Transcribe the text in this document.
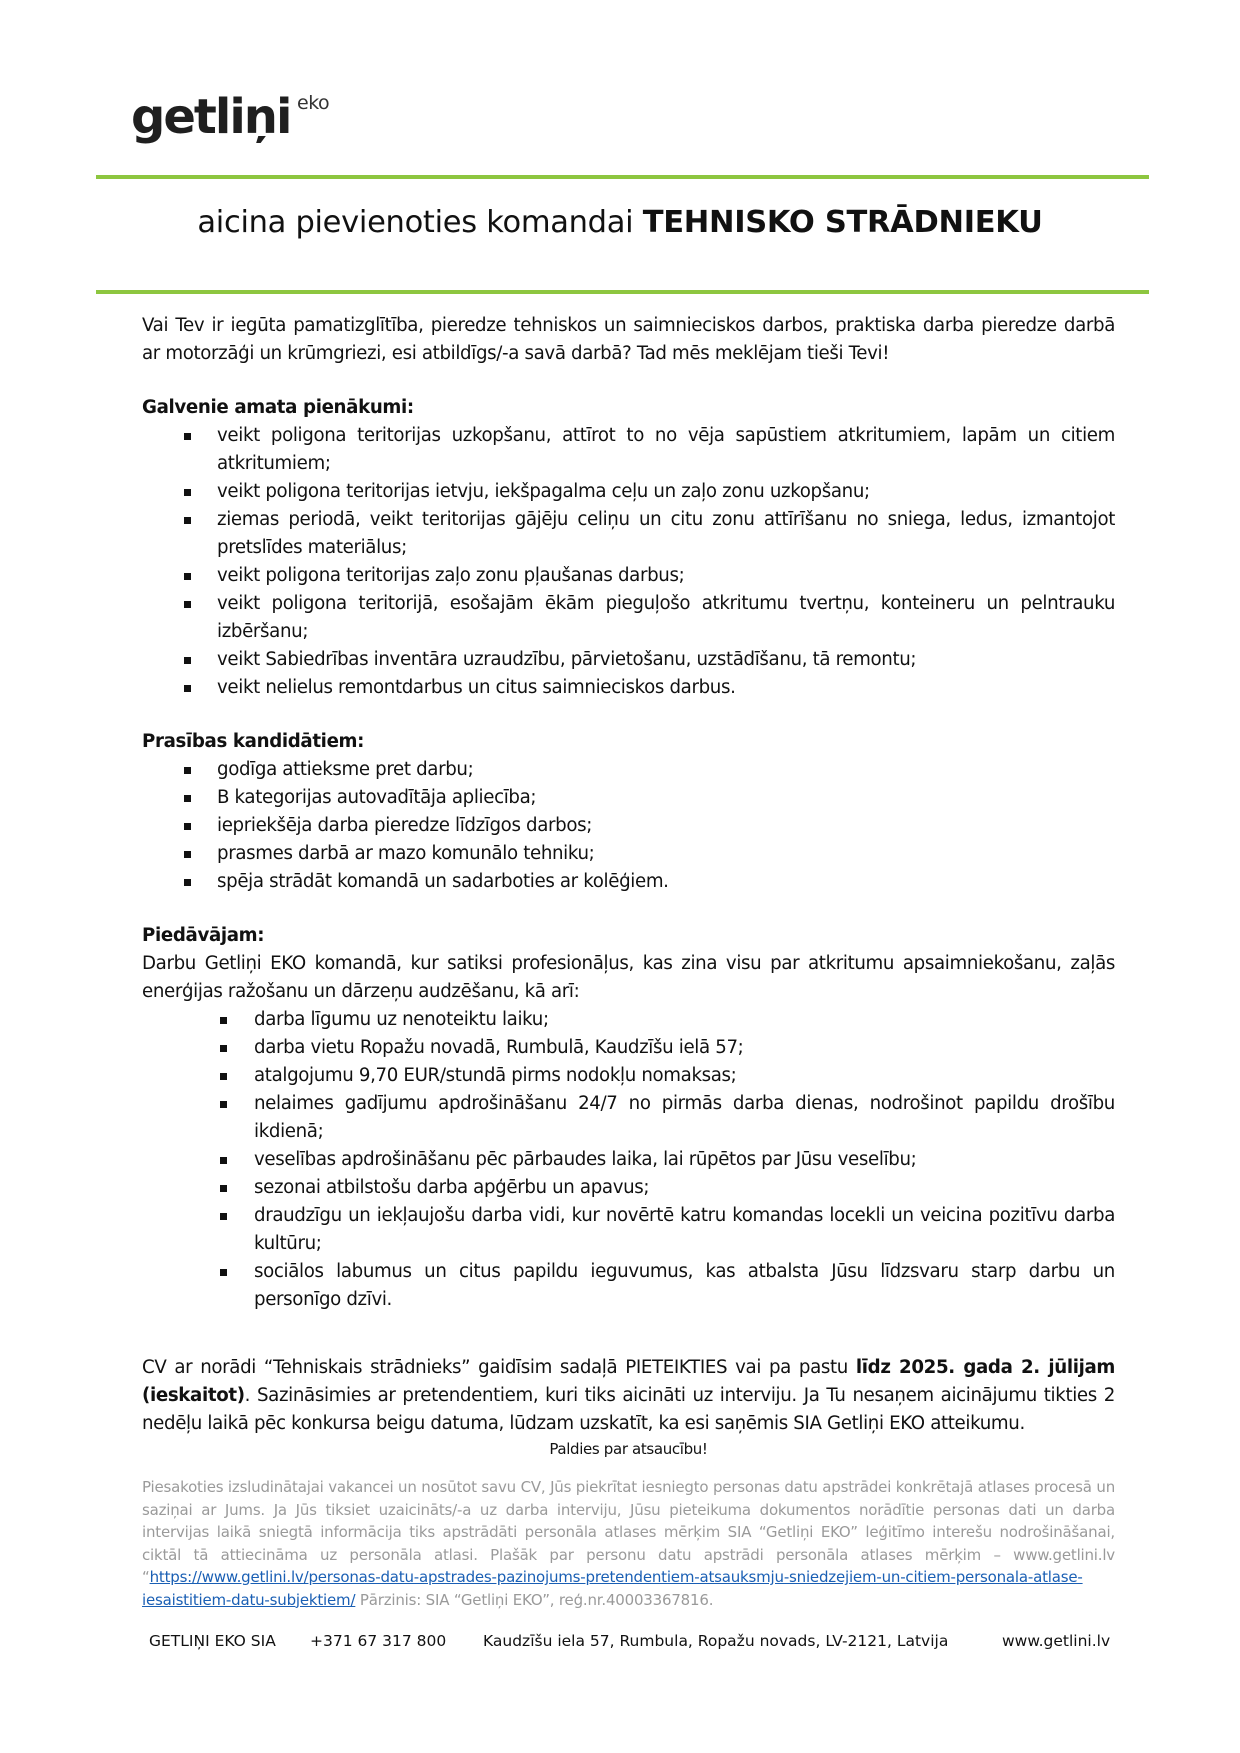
getliņi eko
aicina pievienoties komandai TEHNISKO STRĀDNIEKU

Vai Tev ir iegūta pamatizglītība, pieredze tehniskos un saimnieciskos darbos, praktiska darba pieredze darbā ar motorzāģi un krūmgriezi, esi atbildīgs/-a savā darbā? Tad mēs meklējam tieši Tevi!

Galvenie amata pienākumi:

veikt poligona teritorijas uzkopšanu, attīrot to no vēja sapūstiem atkritumiem, lapām un citiem atkritumiem;
veikt poligona teritorijas ietvju, iekšpagalma ceļu un zaļo zonu uzkopšanu;
ziemas periodā, veikt teritorijas gājēju celiņu un citu zonu attīrīšanu no sniega, ledus, izmantojot pretslīdes materiālus;
veikt poligona teritorijas zaļo zonu pļaušanas darbus;
veikt poligona teritorijā, esošajām ēkām pieguļošo atkritumu tvertņu, konteineru un pelntrauku izbēršanu;
veikt Sabiedrības inventāra uzraudzību, pārvietošanu, uzstādīšanu, tā remontu;
veikt nelielus remontdarbus un citus saimnieciskos darbus.

Prasības kandidātiem:

godīga attieksme pret darbu;
B kategorijas autovadītāja apliecība;
iepriekšēja darba pieredze līdzīgos darbos;
prasmes darbā ar mazo komunālo tehniku;
spēja strādāt komandā un sadarboties ar kolēģiem.

Piedāvājam:

Darbu Getliņi EKO komandā, kur satiksi profesionāļus, kas zina visu par atkritumu apsaimniekošanu, zaļās enerģijas ražošanu un dārzeņu audzēšanu, kā arī:

darba līgumu uz nenoteiktu laiku;
darba vietu Ropažu novadā, Rumbulā, Kaudzīšu ielā 57;
atalgojumu 9,70 EUR/stundā pirms nodokļu nomaksas;
nelaimes gadījumu apdrošināšanu 24/7 no pirmās darba dienas, nodrošinot papildu drošību ikdienā;
veselības apdrošināšanu pēc pārbaudes laika, lai rūpētos par Jūsu veselību;
sezonai atbilstošu darba apģērbu un apavus;
draudzīgu un iekļaujošu darba vidi, kur novērtē katru komandas locekli un veicina pozitīvu darba kultūru;
sociālos labumus un citus papildu ieguvumus, kas atbalsta Jūsu līdzsvaru starp darbu un personīgo dzīvi.

CV ar norādi “Tehniskais strādnieks” gaidīsim sadaļā PIETEIKTIES vai pa pastu līdz 2025. gada 2. jūlijam (ieskaitot). Sazināsimies ar pretendentiem, kuri tiks aicināti uz interviju. Ja Tu nesaņem aicinājumu tikties 2 nedēļu laikā pēc konkursa beigu datuma, lūdzam uzskatīt, ka esi saņēmis SIA Getliņi EKO atteikumu.

Paldies par atsaucību!

Piesakoties izsludinātajai vakancei un nosūtot savu CV, Jūs piekrītat iesniegto personas datu apstrādei konkrētajā atlases procesā un saziņai ar Jums. Ja Jūs tiksiet uzaicināts/-a uz darba interviju, Jūsu pieteikuma dokumentos norādītie personas dati un darba intervijas laikā sniegtā informācija tiks apstrādāti personāla atlases mērķim SIA “Getliņi EKO” leģitīmo interešu nodrošināšanai, ciktāl tā attiecināma uz personāla atlasi. Plašāk par personu datu apstrādi personāla atlases mērķim – www.getlini.lv “https://www.getlini.lv/personas-datu-apstrades-pazinojums-pretendentiem-atsauksmju-sniedzejiem-un-citiem-personala-atlase-iesaistitiem-datu-subjektiem/ Pārzinis: SIA “Getliņi EKO”, reģ.nr.40003367816.
GETLIŅI EKO SIA +371 67 317 800 Kaudzīšu iela 57, Rumbula, Ropažu novads, LV-2121, Latvija	www.getlini.lv
